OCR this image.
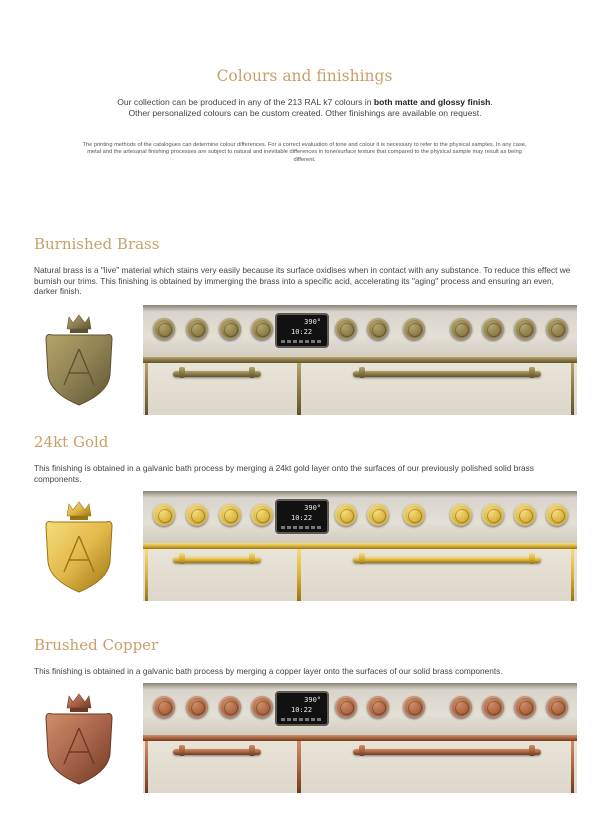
Colours and finishings
Our collection can be produced in any of the 213 RAL k7 colours in both matte and glossy finish.
Other personalized colours can be custom created. Other finishings are available on request.
The printing methods of the catalogues can determine colour differences. For a correct evaluation of tone and colour it is necessary to refer to the physical samples. In any case, metal and the artesanal finishing processes are subject to natural and inevitable differences in tone/surface texture that compared to the physical sample may result as being different.
Burnished Brass
Natural brass is a "live" material which stains very easily because its surface oxidises when in contact with any substance. To reduce this effect we burnish our trims. This finishing is obtained by immerging the brass into a specific acid, accelerating its "aging" process and ensuring an even, darker finish.
390°
10:22
24kt Gold
This finishing is obtained in a galvanic bath process by merging a 24kt gold layer onto the surfaces of our previously polished solid brass components.
390°
10:22
Brushed Copper
This finishing is obtained in a galvanic bath process by merging a copper layer onto the surfaces of our solid brass components.
390°
10:22
